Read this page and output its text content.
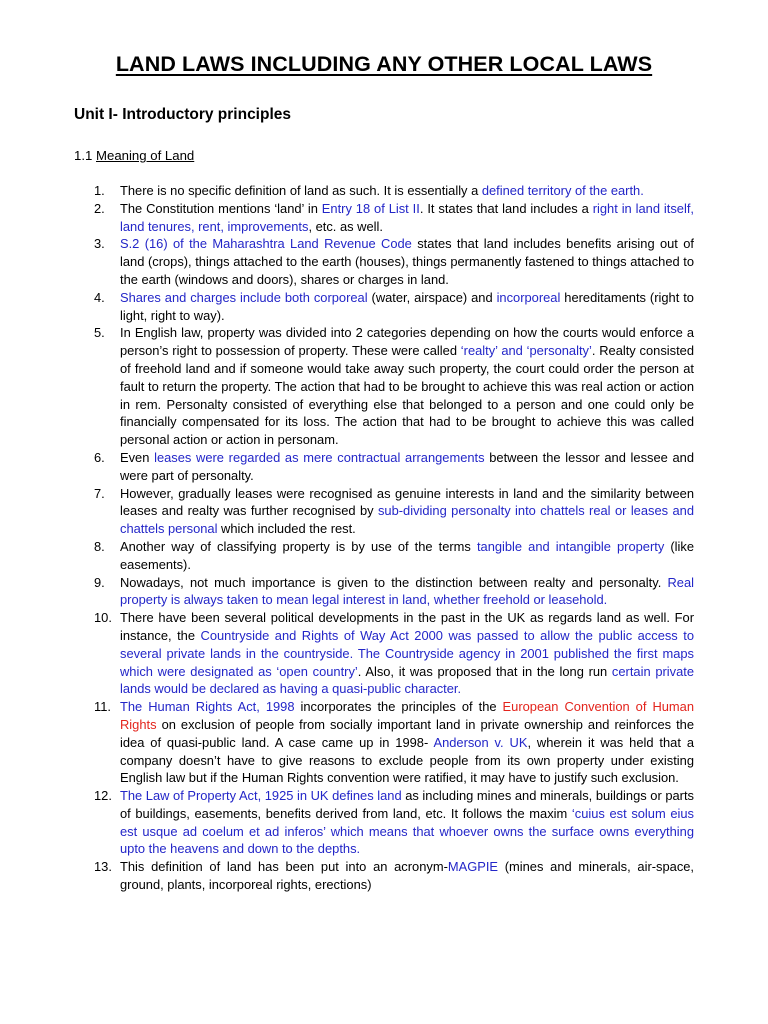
LAND LAWS INCLUDING ANY OTHER LOCAL LAWS
Unit I- Introductory principles
1.1 Meaning of Land
1.	There is no specific definition of land as such. It is essentially a defined territory of the earth.
2.	The Constitution mentions ‘land’ in Entry 18 of List II. It states that land includes a right in land itself, land tenures, rent, improvements, etc. as well.
3.	S.2 (16) of the Maharashtra Land Revenue Code states that land includes benefits arising out of land (crops), things attached to the earth (houses), things permanently fastened to things attached to the earth (windows and doors), shares or charges in land.
4.	Shares and charges include both corporeal (water, airspace) and incorporeal hereditaments (right to light, right to way).
5.	In English law, property was divided into 2 categories depending on how the courts would enforce a person’s right to possession of property. These were called ‘realty’ and ‘personalty’. Realty consisted of freehold land and if someone would take away such property, the court could order the person at fault to return the property. The action that had to be brought to achieve this was real action or action in rem. Personalty consisted of everything else that belonged to a person and one could only be financially compensated for its loss. The action that had to be brought to achieve this was called personal action or action in personam.
6.	Even leases were regarded as mere contractual arrangements between the lessor and lessee and were part of personalty.
7.	However, gradually leases were recognised as genuine interests in land and the similarity between leases and realty was further recognised by sub-dividing personalty into chattels real or leases and chattels personal which included the rest.
8.	Another way of classifying property is by use of the terms tangible and intangible property (like easements).
9.	Nowadays, not much importance is given to the distinction between realty and personalty. Real property is always taken to mean legal interest in land, whether freehold or leasehold.
10. There have been several political developments in the past in the UK as regards land as well. For instance, the Countryside and Rights of Way Act 2000 was passed to allow the public access to several private lands in the countryside. The Countryside agency in 2001 published the first maps which were designated as ‘open country’. Also, it was proposed that in the long run certain private lands would be declared as having a quasi-public character.
11. The Human Rights Act, 1998 incorporates the principles of the European Convention of Human Rights on exclusion of people from socially important land in private ownership and reinforces the idea of quasi-public land. A case came up in 1998- Anderson v. UK, wherein it was held that a company doesn’t have to give reasons to exclude people from its own property under existing English law but if the Human Rights convention were ratified, it may have to justify such exclusion.
12. The Law of Property Act, 1925 in UK defines land as including mines and minerals, buildings or parts of buildings, easements, benefits derived from land, etc. It follows the maxim ‘cuius est solum eius est usque ad coelum et ad inferos’ which means that whoever owns the surface owns everything upto the heavens and down to the depths.
13. This definition of land has been put into an acronym-MAGPIE (mines and minerals, air-space, ground, plants, incorporeal rights, erections)
